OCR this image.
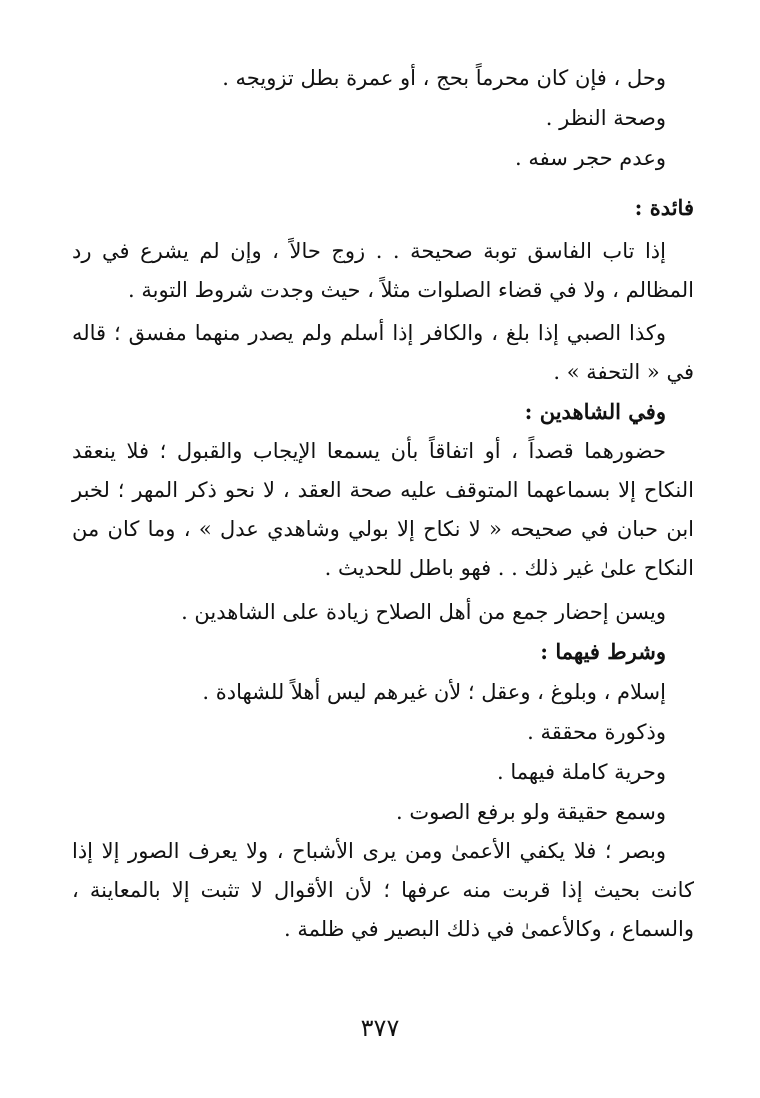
وحل ، فإن كان محرماً بحج ، أو عمرة بطل تزويجه .
وصحة النظر .
وعدم حجر سفه .
فائدة :
إذا تاب الفاسق توبة صحيحة . . زوج حالاً ، وإن لم يشرع في رد المظالم ، ولا في قضاء الصلوات مثلاً ، حيث وجدت شروط التوبة .
وكذا الصبي إذا بلغ ، والكافر إذا أسلم ولم يصدر منهما مفسق ؛ قاله في « التحفة » .
وفي الشاهدين :
حضورهما قصداً ، أو اتفاقاً بأن يسمعا الإيجاب والقبول ؛ فلا ينعقد النكاح إلا بسماعهما المتوقف عليه صحة العقد ، لا نحو ذكر المهر ؛ لخبر ابن حبان في صحيحه « لا نكاح إلا بولي وشاهدي عدل » ، وما كان من النكاح علىٰ غير ذلك . . فهو باطل للحديث .
ويسن إحضار جمع من أهل الصلاح زيادة على الشاهدين .
وشرط فيهما :
إسلام ، وبلوغ ، وعقل ؛ لأن غيرهم ليس أهلاً للشهادة .
وذكورة محققة .
وحرية كاملة فيهما .
وسمع حقيقة ولو برفع الصوت .
وبصر ؛ فلا يكفي الأعمىٰ ومن يرى الأشباح ، ولا يعرف الصور إلا إذا كانت بحيث إذا قربت منه عرفها ؛ لأن الأقوال لا تثبت إلا بالمعاينة ، والسماع ، وكالأعمىٰ في ذلك البصير في ظلمة .
٣٧٧
